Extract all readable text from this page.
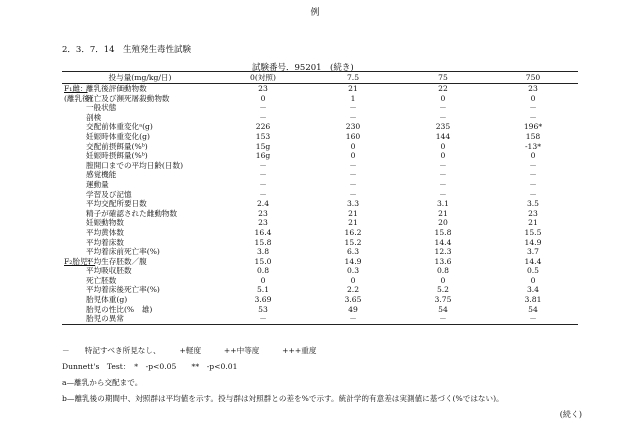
例
2．3．7．14　生殖発生毒性試験
試験番号．95201　(続き)
投与量(mg/kg/日)		0(対照)	7.5	75	750
F₁雌：	離乳後評価動物数	23	21	22	23
(離乳後)	死亡及び瀕死屠殺動物数	0	1	0	0
	一般状態	－	－	－	－
	剖検	－	－	－	－
	交配前体重変化ᵃ(g)	226	230	235	196*
	妊娠時体重変化(g)	153	160	144	158
	交配前摂餌量(%ᵇ)	15g	0	0	-13*
	妊娠時摂餌量(%ᵇ)	16g	0	0	0
	膣開口までの平均日齢(日数)	－	－	－	－
	感覚機能	－	－	－	－
	運動量	－	－	－	－
	学習及び記憶	－	－	－	－
	平均交配所要日数	2.4	3.3	3.1	3.5
	精子が確認された雌動物数	23	21	21	23
	妊娠動物数	23	21	20	21
	平均黄体数	16.4	16.2	15.8	15.5
	平均着床数	15.8	15.2	14.4	14.9
	平均着床前死亡率(%)	3.8	6.3	12.3	3.7
F₂胎児：	平均生存胚数／腹	15.0	14.9	13.6	14.4
	平均吸収胚数	0.8	0.3	0.8	0.5
	死亡胚数	0	0	0	0
	平均着床後死亡率(%)	5.1	2.2	5.2	3.4
	胎児体重(g)	3.69	3.65	3.75	3.81
	胎児の性比(%　雄)	53	49	54	54
	胎児の異常	－	－	－	－
－　　特記すべき所見なし、　　　+軽度　　　++中等度　　　+++重度
Dunnett's　Test：　*　-p<0.05　　**　-p<0.01
a—離乳から交配まで。
b—離乳後の期間中、対照群は平均値を示す。投与群は対照群との差を%で示す。統計学的有意差は実測値に基づく(%ではない)。
(続く)
